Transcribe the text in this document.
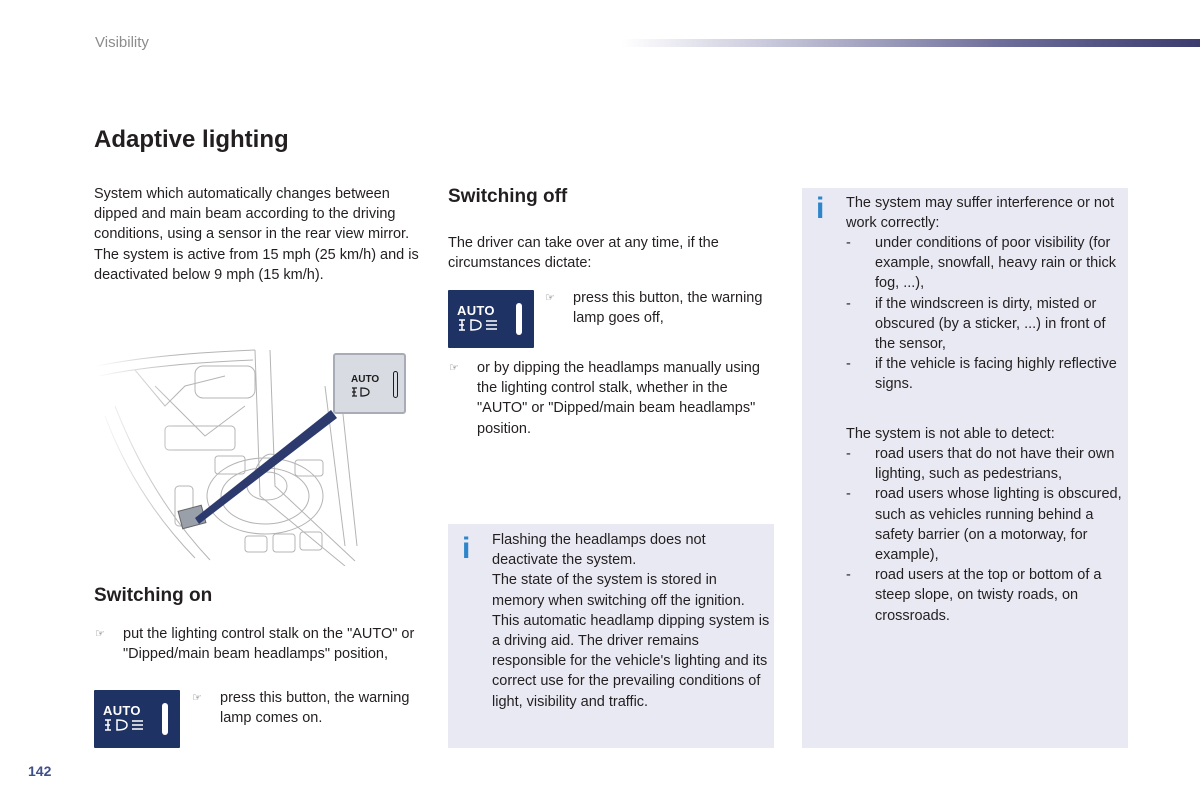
Visibility
Adaptive lighting

System which automatically changes between dipped and main beam according to the driving conditions, using a sensor in the rear view mirror.

The system is active from 15 mph (25 km/h) and is deactivated below 9 mph (15 km/h).

AUTO
Switching on
☞	put the lighting control stalk on the "AUTO" or "Dipped/main beam headlamps" position,
AUTO
☞	press this button, the warning lamp comes on.
Switching off
The driver can take over at any time, if the circumstances dictate:
AUTO
☞	press this button, the warning lamp goes off,
☞	or by dipping the headlamps manually using the lighting control stalk, whether in the "AUTO" or "Dipped/main beam headlamps" position.
i Flashing the headlamps does not deactivate the system.

The state of the system is stored in memory when switching off the ignition. This automatic headlamp dipping system is a driving aid. The driver remains responsible for the vehicle's lighting and its correct use for the prevailing conditions of light, visibility and traffic.

i The system may suffer interference or not work correctly:
- under conditions of poor visibility (for example, snowfall, heavy rain or thick fog, ...),
- if the windscreen is dirty, misted or obscured (by a sticker, ...) in front of the sensor,
- if the vehicle is facing highly reflective signs.
The system is not able to detect:
- road users that do not have their own lighting, such as pedestrians,
- road users whose lighting is obscured, such as vehicles running behind a safety barrier (on a motorway, for example),
- road users at the top or bottom of a steep slope, on twisty roads, on crossroads.
142
